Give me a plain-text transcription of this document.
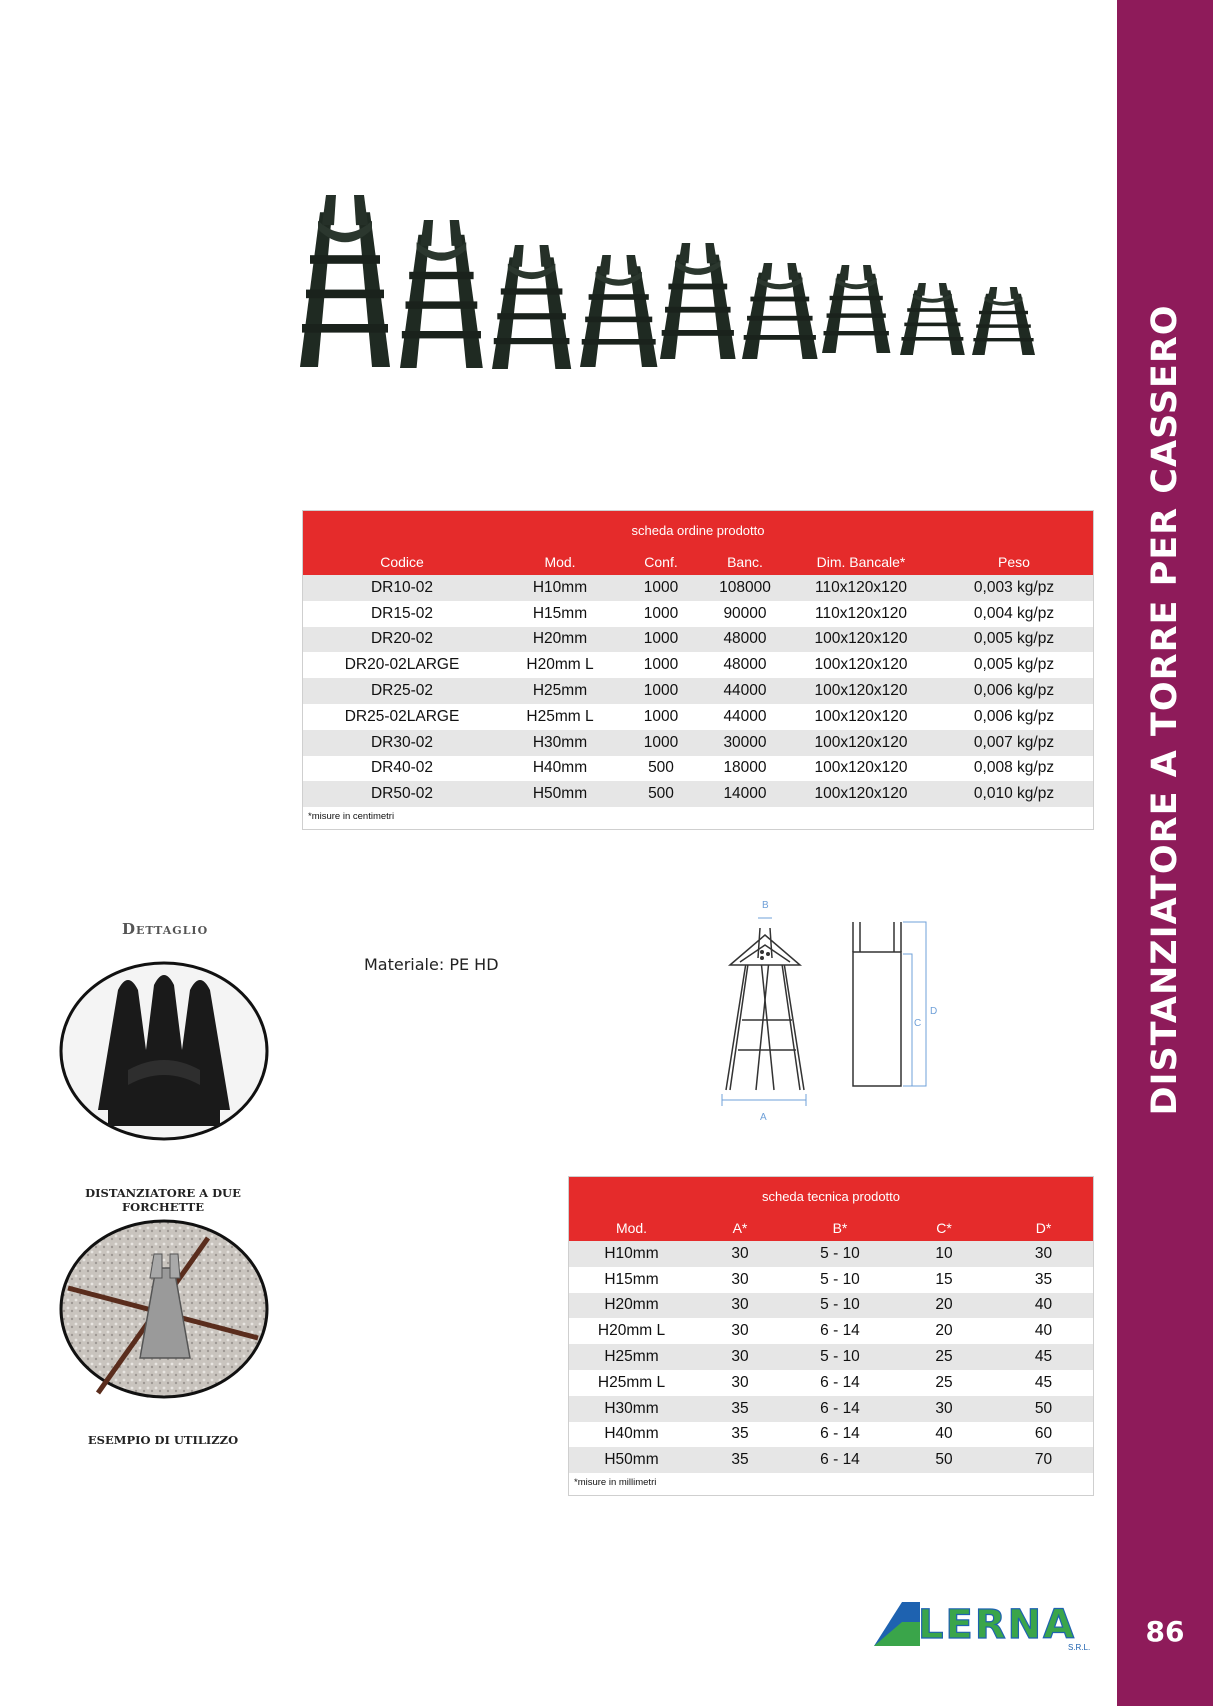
DISTANZIATORE A TORRE PER CASSERO
86
scheda ordine prodotto
Codice	Mod.	Conf.	Banc.	Dim. Bancale*	Peso
DR10-02	H10mm	1000	108000	110x120x120	0,003 kg/pz
DR15-02	H15mm	1000	90000	110x120x120	0,004 kg/pz
DR20-02	H20mm	1000	48000	100x120x120	0,005 kg/pz
DR20-02LARGE	H20mm L	1000	48000	100x120x120	0,005 kg/pz
DR25-02	H25mm	1000	44000	100x120x120	0,006 kg/pz
DR25-02LARGE	H25mm L	1000	44000	100x120x120	0,006 kg/pz
DR30-02	H30mm	1000	30000	100x120x120	0,007 kg/pz
DR40-02	H40mm	500	18000	100x120x120	0,008 kg/pz
DR50-02	H50mm	500	14000	100x120x120	0,010 kg/pz
*misure in centimetri
Dettaglio
DISTANZIATORE A DUE FORCHETTE
ESEMPIO DI UTILIZZO
Materiale: PE HD
B
A
C
D
scheda tecnica prodotto
Mod.	A*	B*	C*	D*
H10mm	30	5 - 10	10	30
H15mm	30	5 - 10	15	35
H20mm	30	5 - 10	20	40
H20mm L	30	6 - 14	20	40
H25mm	30	5 - 10	25	45
H25mm L	30	6 - 14	25	45
H30mm	35	6 - 14	30	50
H40mm	35	6 - 14	40	60
H50mm	35	6 - 14	50	70
*misure in millimetri
LERNA
S.R.L.
